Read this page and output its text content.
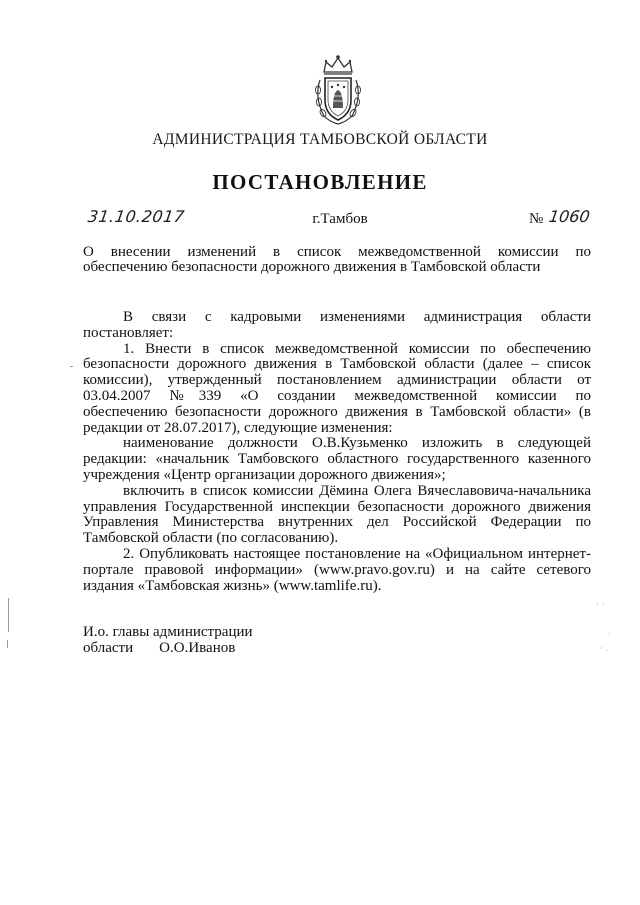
АДМИНИСТРАЦИЯ ТАМБОВСКОЙ ОБЛАСТИ
ПОСТАНОВЛЕНИЕ
31.10.2017	г.Тамбов	№ 1060
О внесении изменений в список межведомственной комиссии по
обеспечению безопасности дорожного движения в Тамбовской области
В связи с кадровыми изменениями администрация области
постановляет:
1. Внести в список межведомственной комиссии по обеспечению
безопасности дорожного движения в Тамбовской области (далее – список
комиссии), утвержденный постановлением администрации области от
03.04.2007 №339 «О создании межведомственной комиссии по
обеспечению безопасности дорожного движения в Тамбовской области» (в
редакции от 28.07.2017), следующие изменения:
наименование должности О.В.Кузьменко изложить в следующей
редакции: «начальник Тамбовского областного государственного казенного
учреждения «Центр организации дорожного движения»;
включить в список комиссии Дёмина Олега Вячеславовича-начальника
управления Государственной инспекции безопасности дорожного движения
Управления Министерства внутренних дел Российской Федерации по
Тамбовской области (по согласованию).
2. Опубликовать настоящее постановление на «Официальном интернет-
портале правовой информации» (www.pravo.gov.ru) и на сайте сетевого
издания «Тамбовская жизнь» (www.tamlife.ru).
И.о. главы администрации
области О.О.Иванов
· ·
·
· .
